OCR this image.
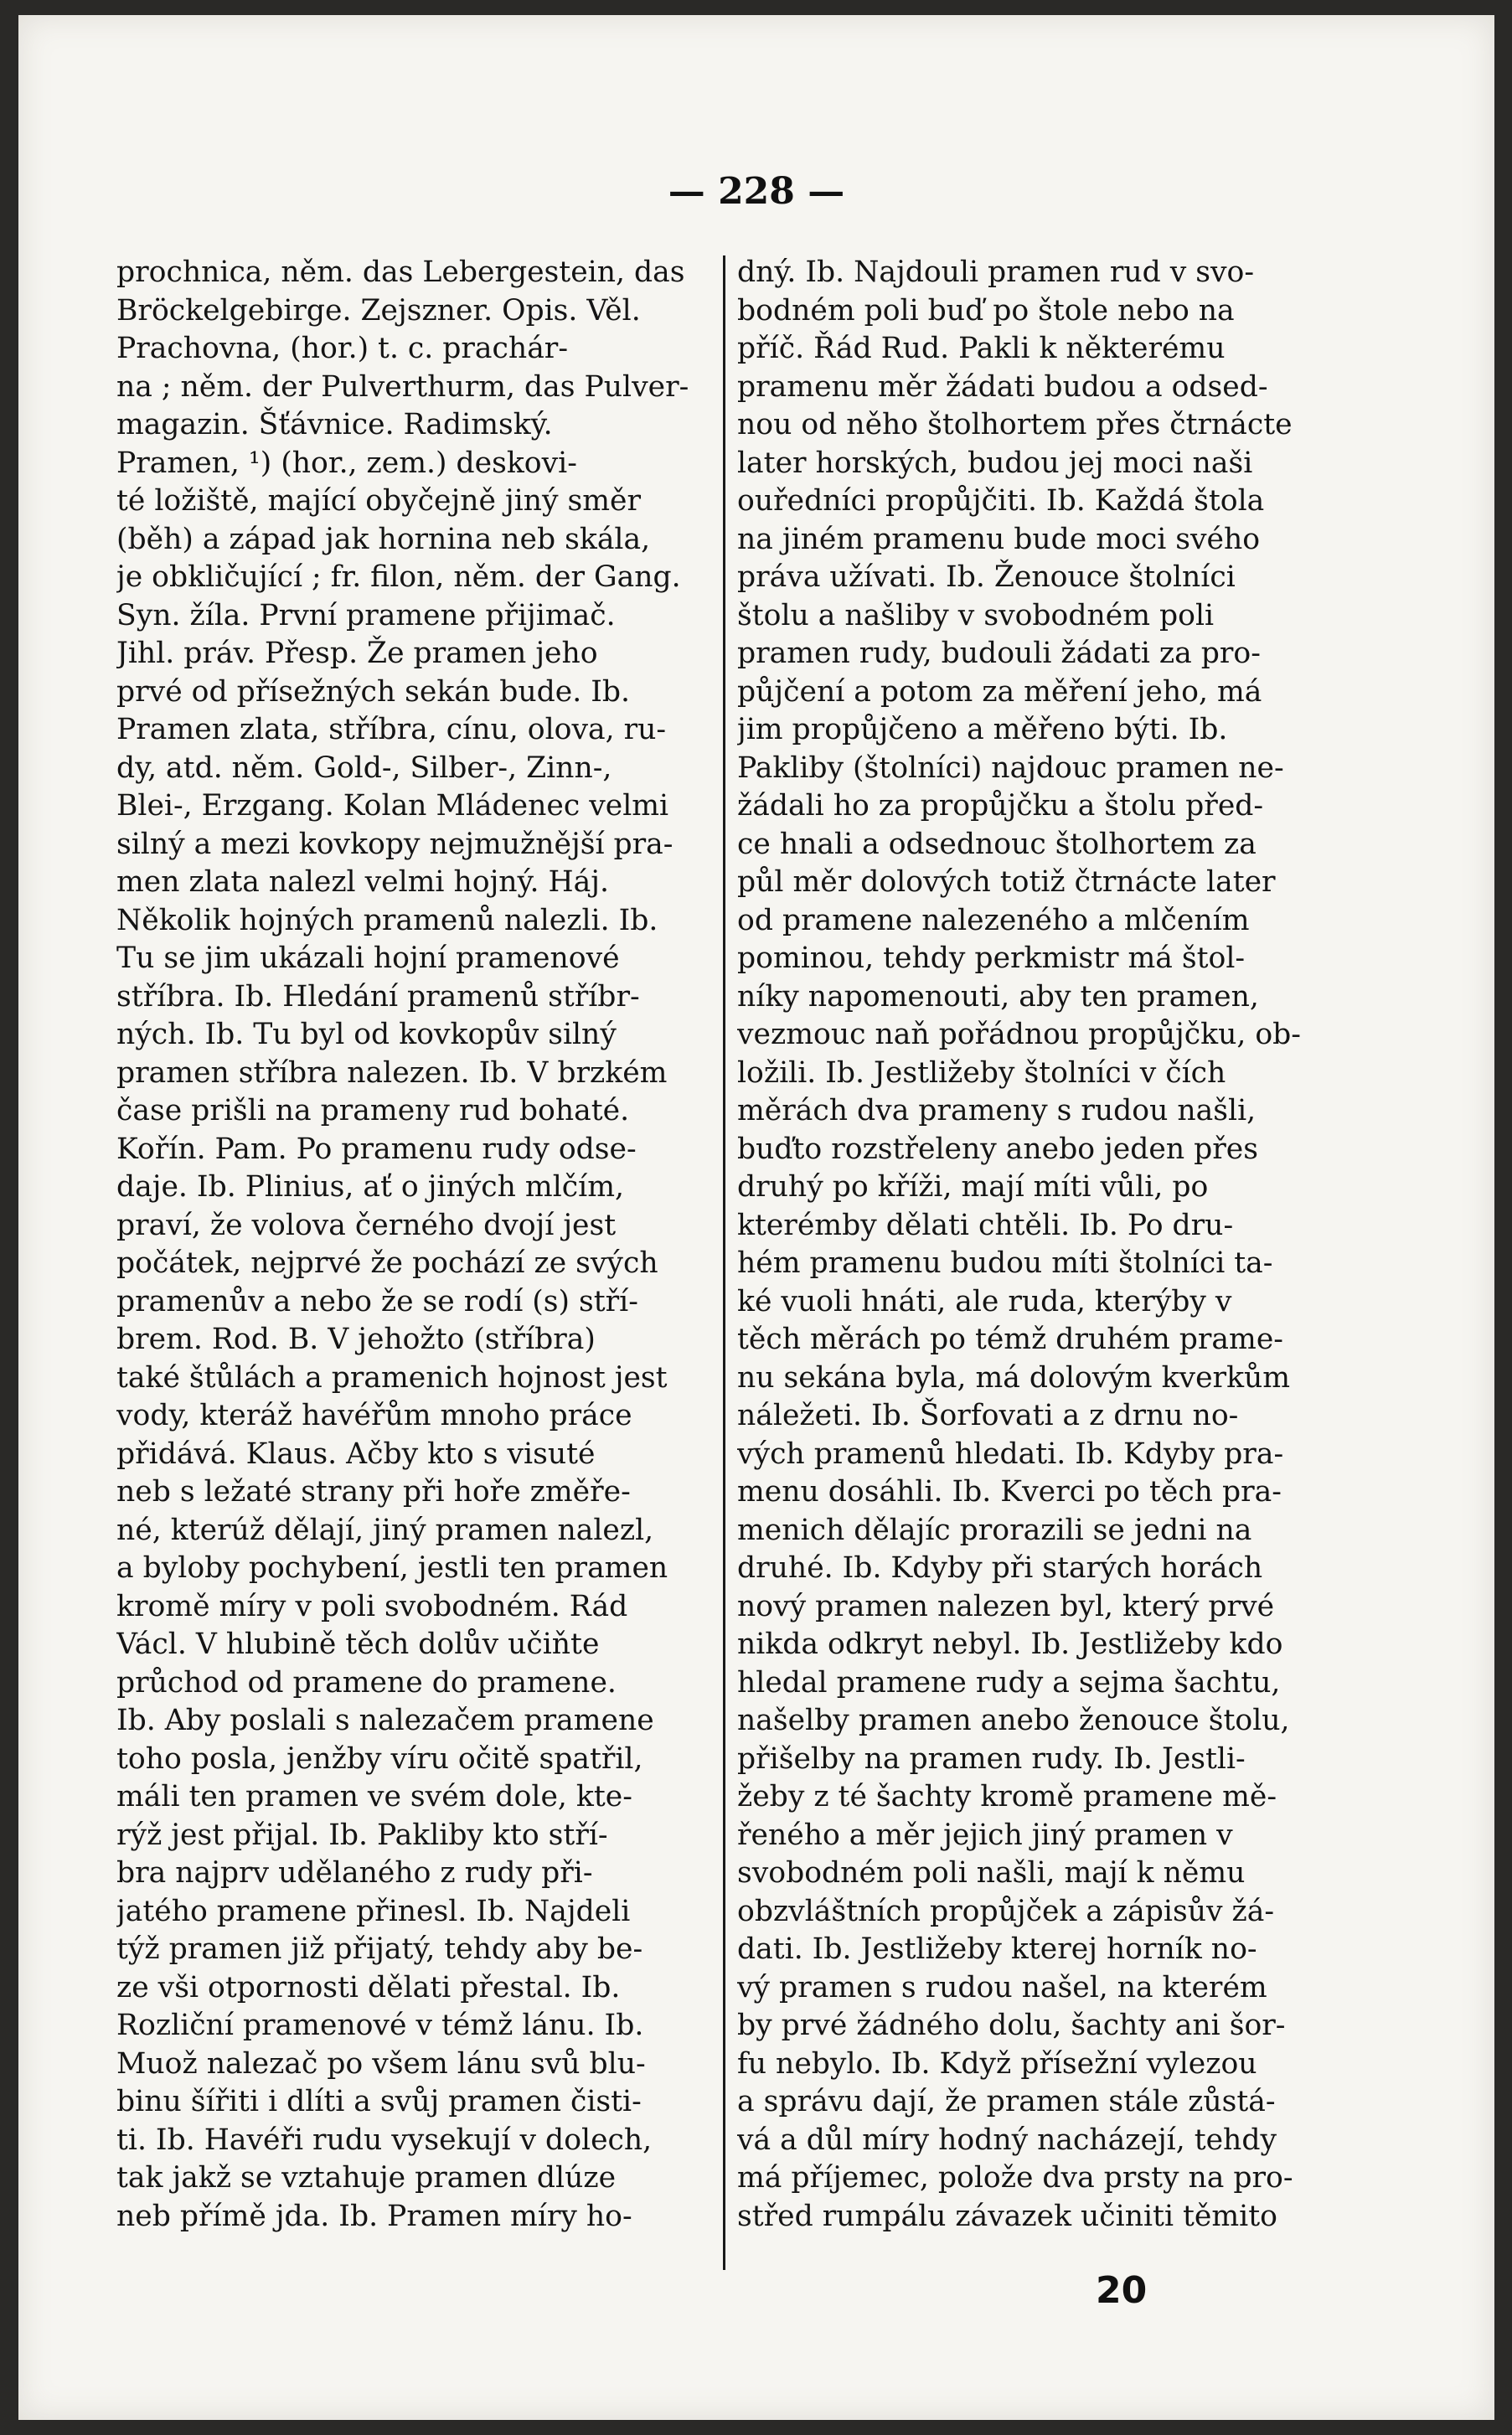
— 228 —
prochnica, něm. das Lebergestein, das
Bröckelgebirge. Zejszner. Opis. Věl.
Prachovna, (hor.) t. c. prachár-
na ; něm. der Pulverthurm, das Pulver-
magazin. Šťávnice. Radimský.
Pramen, ¹) (hor., zem.) deskovi-
té ložiště, mající obyčejně jiný směr
(běh) a západ jak hornina neb skála,
je obkličující ; fr. filon, něm. der Gang.
Syn. žíla. První pramene přijimač.
Jihl. práv. Přesp. Že pramen jeho
prvé od přísežných sekán bude. Ib.
Pramen zlata, stříbra, cínu, olova, ru-
dy, atd. něm. Gold-, Silber-, Zinn-,
Blei-, Erzgang. Kolan Mládenec velmi
silný a mezi kovkopy nejmužnější pra-
men zlata nalezl velmi hojný. Háj.
Několik hojných pramenů nalezli. Ib.
Tu se jim ukázali hojní pramenové
stříbra. Ib. Hledání pramenů stříbr-
ných. Ib. Tu byl od kovkopův silný
pramen stříbra nalezen. Ib. V brzkém
čase prišli na prameny rud bohaté.
Kořín. Pam. Po pramenu rudy odse-
daje. Ib. Plinius, ať o jiných mlčím,
praví, že volova černého dvojí jest
počátek, nejprvé že pochází ze svých
pramenův a nebo že se rodí (s) stří-
brem. Rod. B. V jehožto (stříbra)
také štůlách a pramenich hojnost jest
vody, kteráž havéřům mnoho práce
přidává. Klaus. Ačby kto s visuté
neb s ležaté strany při hoře změře-
né, kterúž dělají, jiný pramen nalezl,
a byloby pochybení, jestli ten pramen
kromě míry v poli svobodném. Rád
Václ. V hlubině těch dolův učiňte
průchod od pramene do pramene.
Ib. Aby poslali s nalezačem pramene
toho posla, jenžby víru očitě spatřil,
máli ten pramen ve svém dole, kte-
rýž jest přijal. Ib. Pakliby kto stří-
bra najprv udělaného z rudy při-
jatého pramene přinesl. Ib. Najdeli
týž pramen již přijatý, tehdy aby be-
ze vši otpornosti dělati přestal. Ib.
Rozliční pramenové v témž lánu. Ib.
Muož nalezač po všem lánu svů blu-
binu šířiti i dlíti a svůj pramen čisti-
ti. Ib. Havéři rudu vysekují v dolech,
tak jakž se vztahuje pramen dlúze
neb přímě jda. Ib. Pramen míry ho-
dný. Ib. Najdouli pramen rud v svo-
bodném poli buď po štole nebo na
příč. Řád Rud. Pakli k některému
pramenu měr žádati budou a odsed-
nou od něho štolhortem přes čtrnácte
later horských, budou jej moci naši
ouředníci propůjčiti. Ib. Každá štola
na jiném pramenu bude moci svého
práva užívati. Ib. Ženouce štolníci
štolu a našliby v svobodném poli
pramen rudy, budouli žádati za pro-
půjčení a potom za měření jeho, má
jim propůjčeno a měřeno býti. Ib.
Pakliby (štolníci) najdouc pramen ne-
žádali ho za propůjčku a štolu před-
ce hnali a odsednouc štolhortem za
půl měr dolových totiž čtrnácte later
od pramene nalezeného a mlčením
pominou, tehdy perkmistr má štol-
níky napomenouti, aby ten pramen,
vezmouc naň pořádnou propůjčku, ob-
ložili. Ib. Jestližeby štolníci v čích
měrách dva prameny s rudou našli,
buďto rozstřeleny anebo jeden přes
druhý po kříži, mají míti vůli, po
kterémby dělati chtěli. Ib. Po dru-
hém pramenu budou míti štolníci ta-
ké vuoli hnáti, ale ruda, kterýby v
těch měrách po témž druhém prame-
nu sekána byla, má dolovým kverkům
náležeti. Ib. Šorfovati a z drnu no-
vých pramenů hledati. Ib. Kdyby pra-
menu dosáhli. Ib. Kverci po těch pra-
menich dělajíc prorazili se jedni na
druhé. Ib. Kdyby při starých horách
nový pramen nalezen byl, který prvé
nikda odkryt nebyl. Ib. Jestližeby kdo
hledal pramene rudy a sejma šachtu,
našelby pramen anebo ženouce štolu,
přišelby na pramen rudy. Ib. Jestli-
žeby z té šachty kromě pramene mě-
řeného a měr jejich jiný pramen v
svobodném poli našli, mají k němu
obzvláštních propůjček a zápisův žá-
dati. Ib. Jestližeby kterej horník no-
vý pramen s rudou našel, na kterém
by prvé žádného dolu, šachty ani šor-
fu nebylo. Ib. Když přísežní vylezou
a správu dají, že pramen stále zůstá-
vá a důl míry hodný nacházejí, tehdy
má příjemec, polože dva prsty na pro-
střed rumpálu závazek učiniti těmito
20
